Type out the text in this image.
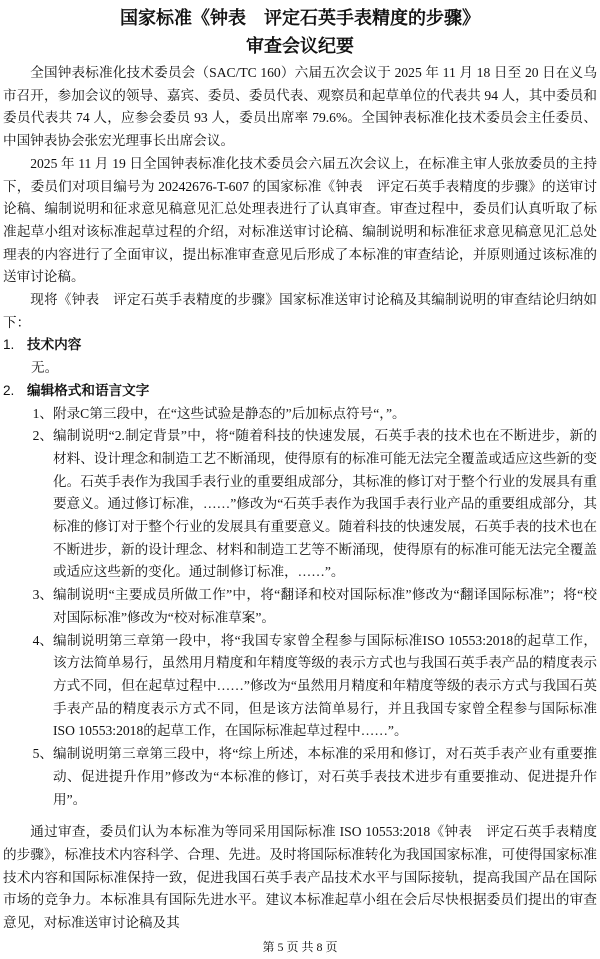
国家标准《钟表　评定石英手表精度的步骤》
审查会议纪要

全国钟表标准化技术委员会（SAC/TC 160）六届五次会议于 2025 年 11 月 18 日至 20 日在义乌市召开，参加会议的领导、嘉宾、委员、委员代表、观察员和起草单位的代表共 94 人，其中委员和委员代表共 74 人，应参会委员 93 人，委员出席率 79.6%。全国钟表标准化技术委员会主任委员、中国钟表协会张宏光理事长出席会议。

2025 年 11 月 19 日全国钟表标准化技术委员会六届五次会议上，在标准主审人张放委员的主持下，委员们对项目编号为 20242676-T-607 的国家标准《钟表　评定石英手表精度的步骤》的送审讨论稿、编制说明和征求意见稿意见汇总处理表进行了认真审查。审查过程中，委员们认真听取了标准起草小组对该标准起草过程的介绍，对标准送审讨论稿、编制说明和标准征求意见稿意见汇总处理表的内容进行了全面审议，提出标准审查意见后形成了本标准的审查结论，并原则通过该标准的送审讨论稿。

现将《钟表　评定石英手表精度的步骤》国家标准送审讨论稿及其编制说明的审查结论归纳如下：

1. 技术内容

无。

2. 编辑格式和语言文字
1、 附录C第三段中，在“这些试验是静态的”后加标点符号“，”。
2、 编制说明“2.制定背景”中，将“随着科技的快速发展，石英手表的技术也在不断进步，新的材料、设计理念和制造工艺不断涌现，使得原有的标准可能无法完全覆盖或适应这些新的变化。石英手表作为我国手表行业的重要组成部分，其标准的修订对于整个行业的发展具有重要意义。通过修订标准，……”修改为“石英手表作为我国手表行业产品的重要组成部分，其标准的修订对于整个行业的发展具有重要意义。随着科技的快速发展，石英手表的技术也在不断进步，新的设计理念、材料和制造工艺等不断涌现，使得原有的标准可能无法完全覆盖或适应这些新的变化。通过制修订标准，……”。
3、 编制说明“主要成员所做工作”中，将“翻译和校对国际标准”修改为“翻译国际标准”；将“校对国际标准”修改为“校对标准草案”。
4、 编制说明第三章第一段中，将“我国专家曾全程参与国际标准ISO 10553:2018的起草工作，该方法简单易行，虽然用月精度和年精度等级的表示方式也与我国石英手表产品的精度表示方式不同，但在起草过程中……”修改为“虽然用月精度和年精度等级的表示方式与我国石英手表产品的精度表示方式不同，但是该方法简单易行，并且我国专家曾全程参与国际标准ISO 10553:2018的起草工作，在国际标准起草过程中……”。
5、 编制说明第三章第三段中，将“综上所述，本标准的采用和修订，对石英手表产业有重要推动、促进提升作用”修改为“本标准的修订，对石英手表技术进步有重要推动、促进提升作用”。

通过审查，委员们认为本标准为等同采用国际标准 ISO 10553:2018《钟表　评定石英手表精度的步骤》，标准技术内容科学、合理、先进。及时将国际标准转化为我国国家标准，可使得国家标准技术内容和国际标准保持一致，促进我国石英手表产品技术水平与国际接轨，提高我国产品在国际市场的竞争力。本标准具有国际先进水平。建议本标准起草小组在会后尽快根据委员们提出的审查意见，对标准送审讨论稿及其

第 5 页 共 8 页
